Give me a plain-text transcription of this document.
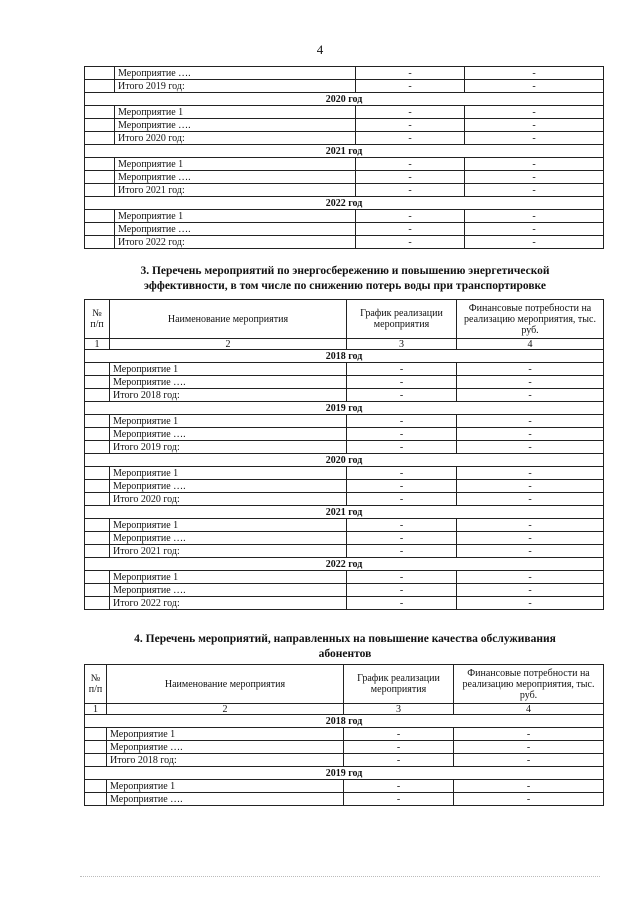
4
	Мероприятие ….	-	-
	Итого 2019 год:	-	-
2020 год			
	Мероприятие 1	-	-
	Мероприятие ….	-	-
	Итого 2020 год:	-	-
2021 год			
	Мероприятие 1	-	-
	Мероприятие ….	-	-
	Итого 2021 год:	-	-
2022 год			
	Мероприятие 1	-	-
	Мероприятие ….	-	-
	Итого 2022 год:	-	-
3. Перечень мероприятий по энергосбережению и повышению энергетической эффективности, в том числе по снижению потерь воды при транспортировке
№ п/п	Наименование мероприятия	График реализации мероприятия	Финансовые потребности на реализацию мероприятия, тыс. руб.
1	2	3	4
2018 год			
	Мероприятие 1	-	-
	Мероприятие ….	-	-
	Итого 2018 год:	-	-
2019 год			
	Мероприятие 1	-	-
	Мероприятие ….	-	-
	Итого 2019 год:	-	-
2020 год			
	Мероприятие 1	-	-
	Мероприятие ….	-	-
	Итого 2020 год:	-	-
2021 год			
	Мероприятие 1	-	-
	Мероприятие ….	-	-
	Итого 2021 год:	-	-
2022 год			
	Мероприятие 1	-	-
	Мероприятие ….	-	-
	Итого 2022 год:	-	-
4. Перечень мероприятий, направленных на повышение качества обслуживания абонентов
№ п/п	Наименование мероприятия	График реализации мероприятия	Финансовые потребности на реализацию мероприятия, тыс. руб.
1	2	3	4
2018 год			
	Мероприятие 1	-	-
	Мероприятие ….	-	-
	Итого 2018 год:	-	-
2019 год			
	Мероприятие 1	-	-
	Мероприятие ….	-	-
